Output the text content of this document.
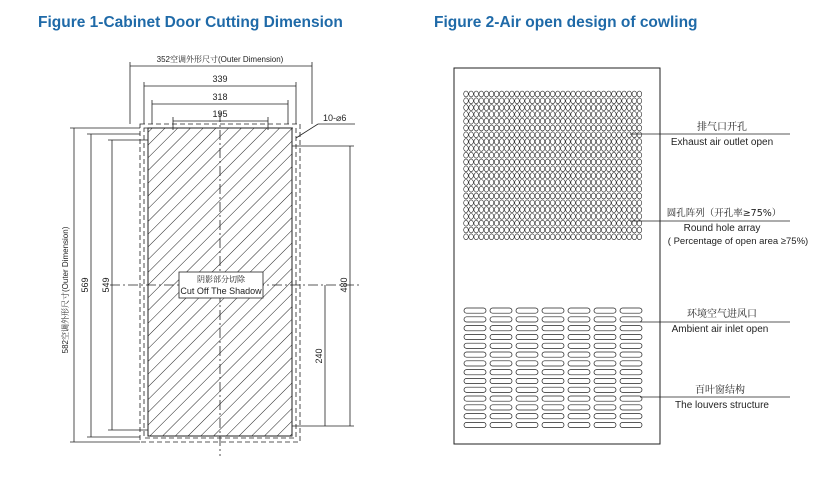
Figure 1-Cabinet Door Cutting Dimension	Figure 2-Air open design of cowling
阴影部分切除
Cut Off The Shadow
352空调外形尺寸(Outer Dimension)
339
318
195	10-⌀6
582空调外形尺寸(Outer Dimension) 569 549	480
240
排气口开孔
Exhaust air outlet open
圆孔阵列（开孔率≥75%）
Round hole array
( Percentage of open area ≥75%)
环境空气进风口
Ambient air inlet open
百叶窗结构
The louvers structure
